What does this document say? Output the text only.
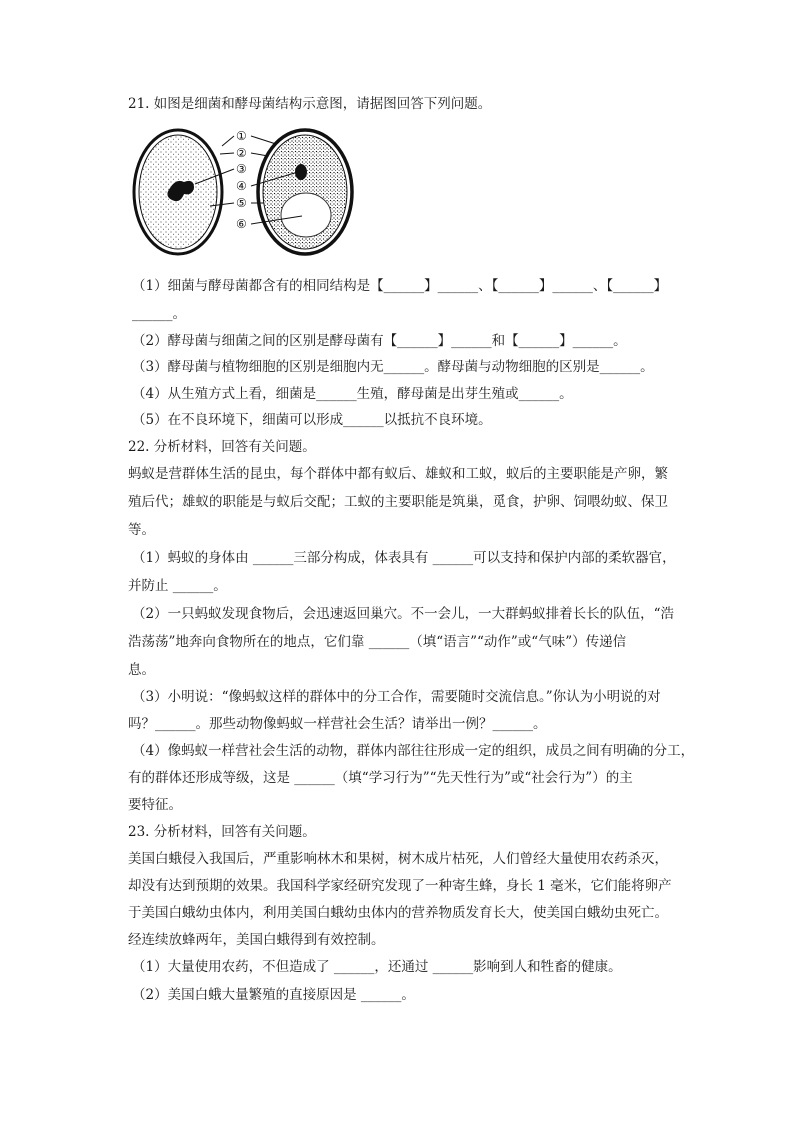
21. 如图是细菌和酵母菌结构示意图，请据图回答下列问题。
①
②
③
④
⑤
⑥
（1）细菌与酵母菌都含有的相同结构是【______】______、【______】______、【______】
______。
（2）酵母菌与细菌之间的区别是酵母菌有【______】______和【______】______。
（3）酵母菌与植物细胞的区别是细胞内无______。酵母菌与动物细胞的区别是______。
（4）从生殖方式上看，细菌是______生殖，酵母菌是出芽生殖或______。
（5）在不良环境下，细菌可以形成______以抵抗不良环境。
22. 分析材料，回答有关问题。
蚂蚁是营群体生活的昆虫，每个群体中都有蚁后、雄蚁和工蚁，蚁后的主要职能是产卵，繁
殖后代；雄蚁的职能是与蚁后交配；工蚁的主要职能是筑巢，觅食，护卵、饲喂幼蚁、保卫
等。
（1）蚂蚁的身体由 ______三部分构成，体表具有 ______可以支持和保护内部的柔软器官，
并防止 ______。
（2）一只蚂蚁发现食物后，会迅速返回巢穴。不一会儿，一大群蚂蚁排着长长的队伍，“浩
浩荡荡”地奔向食物所在的地点，它们靠 ______（填“语言”“动作”或“气味”）传递信
息。
（3）小明说：“像蚂蚁这样的群体中的分工合作，需要随时交流信息。”你认为小明说的对
吗？______。那些动物像蚂蚁一样营社会生活？请举出一例？______。
（4）像蚂蚁一样营社会生活的动物，群体内部往往形成一定的组织，成员之间有明确的分工，
有的群体还形成等级，这是 ______（填“学习行为”“先天性行为”或“社会行为”）的主
要特征。
23. 分析材料，回答有关问题。
美国白蛾侵入我国后，严重影响林木和果树，树木成片枯死，人们曾经大量使用农药杀灭，
却没有达到预期的效果。我国科学家经研究发现了一种寄生蜂，身长 1 毫米，它们能将卵产
于美国白蛾幼虫体内，利用美国白蛾幼虫体内的营养物质发育长大，使美国白蛾幼虫死亡。
经连续放蜂两年，美国白蛾得到有效控制。
（1）大量使用农药，不但造成了 ______，还通过 ______影响到人和牲畜的健康。
（2）美国白蛾大量繁殖的直接原因是 ______。
